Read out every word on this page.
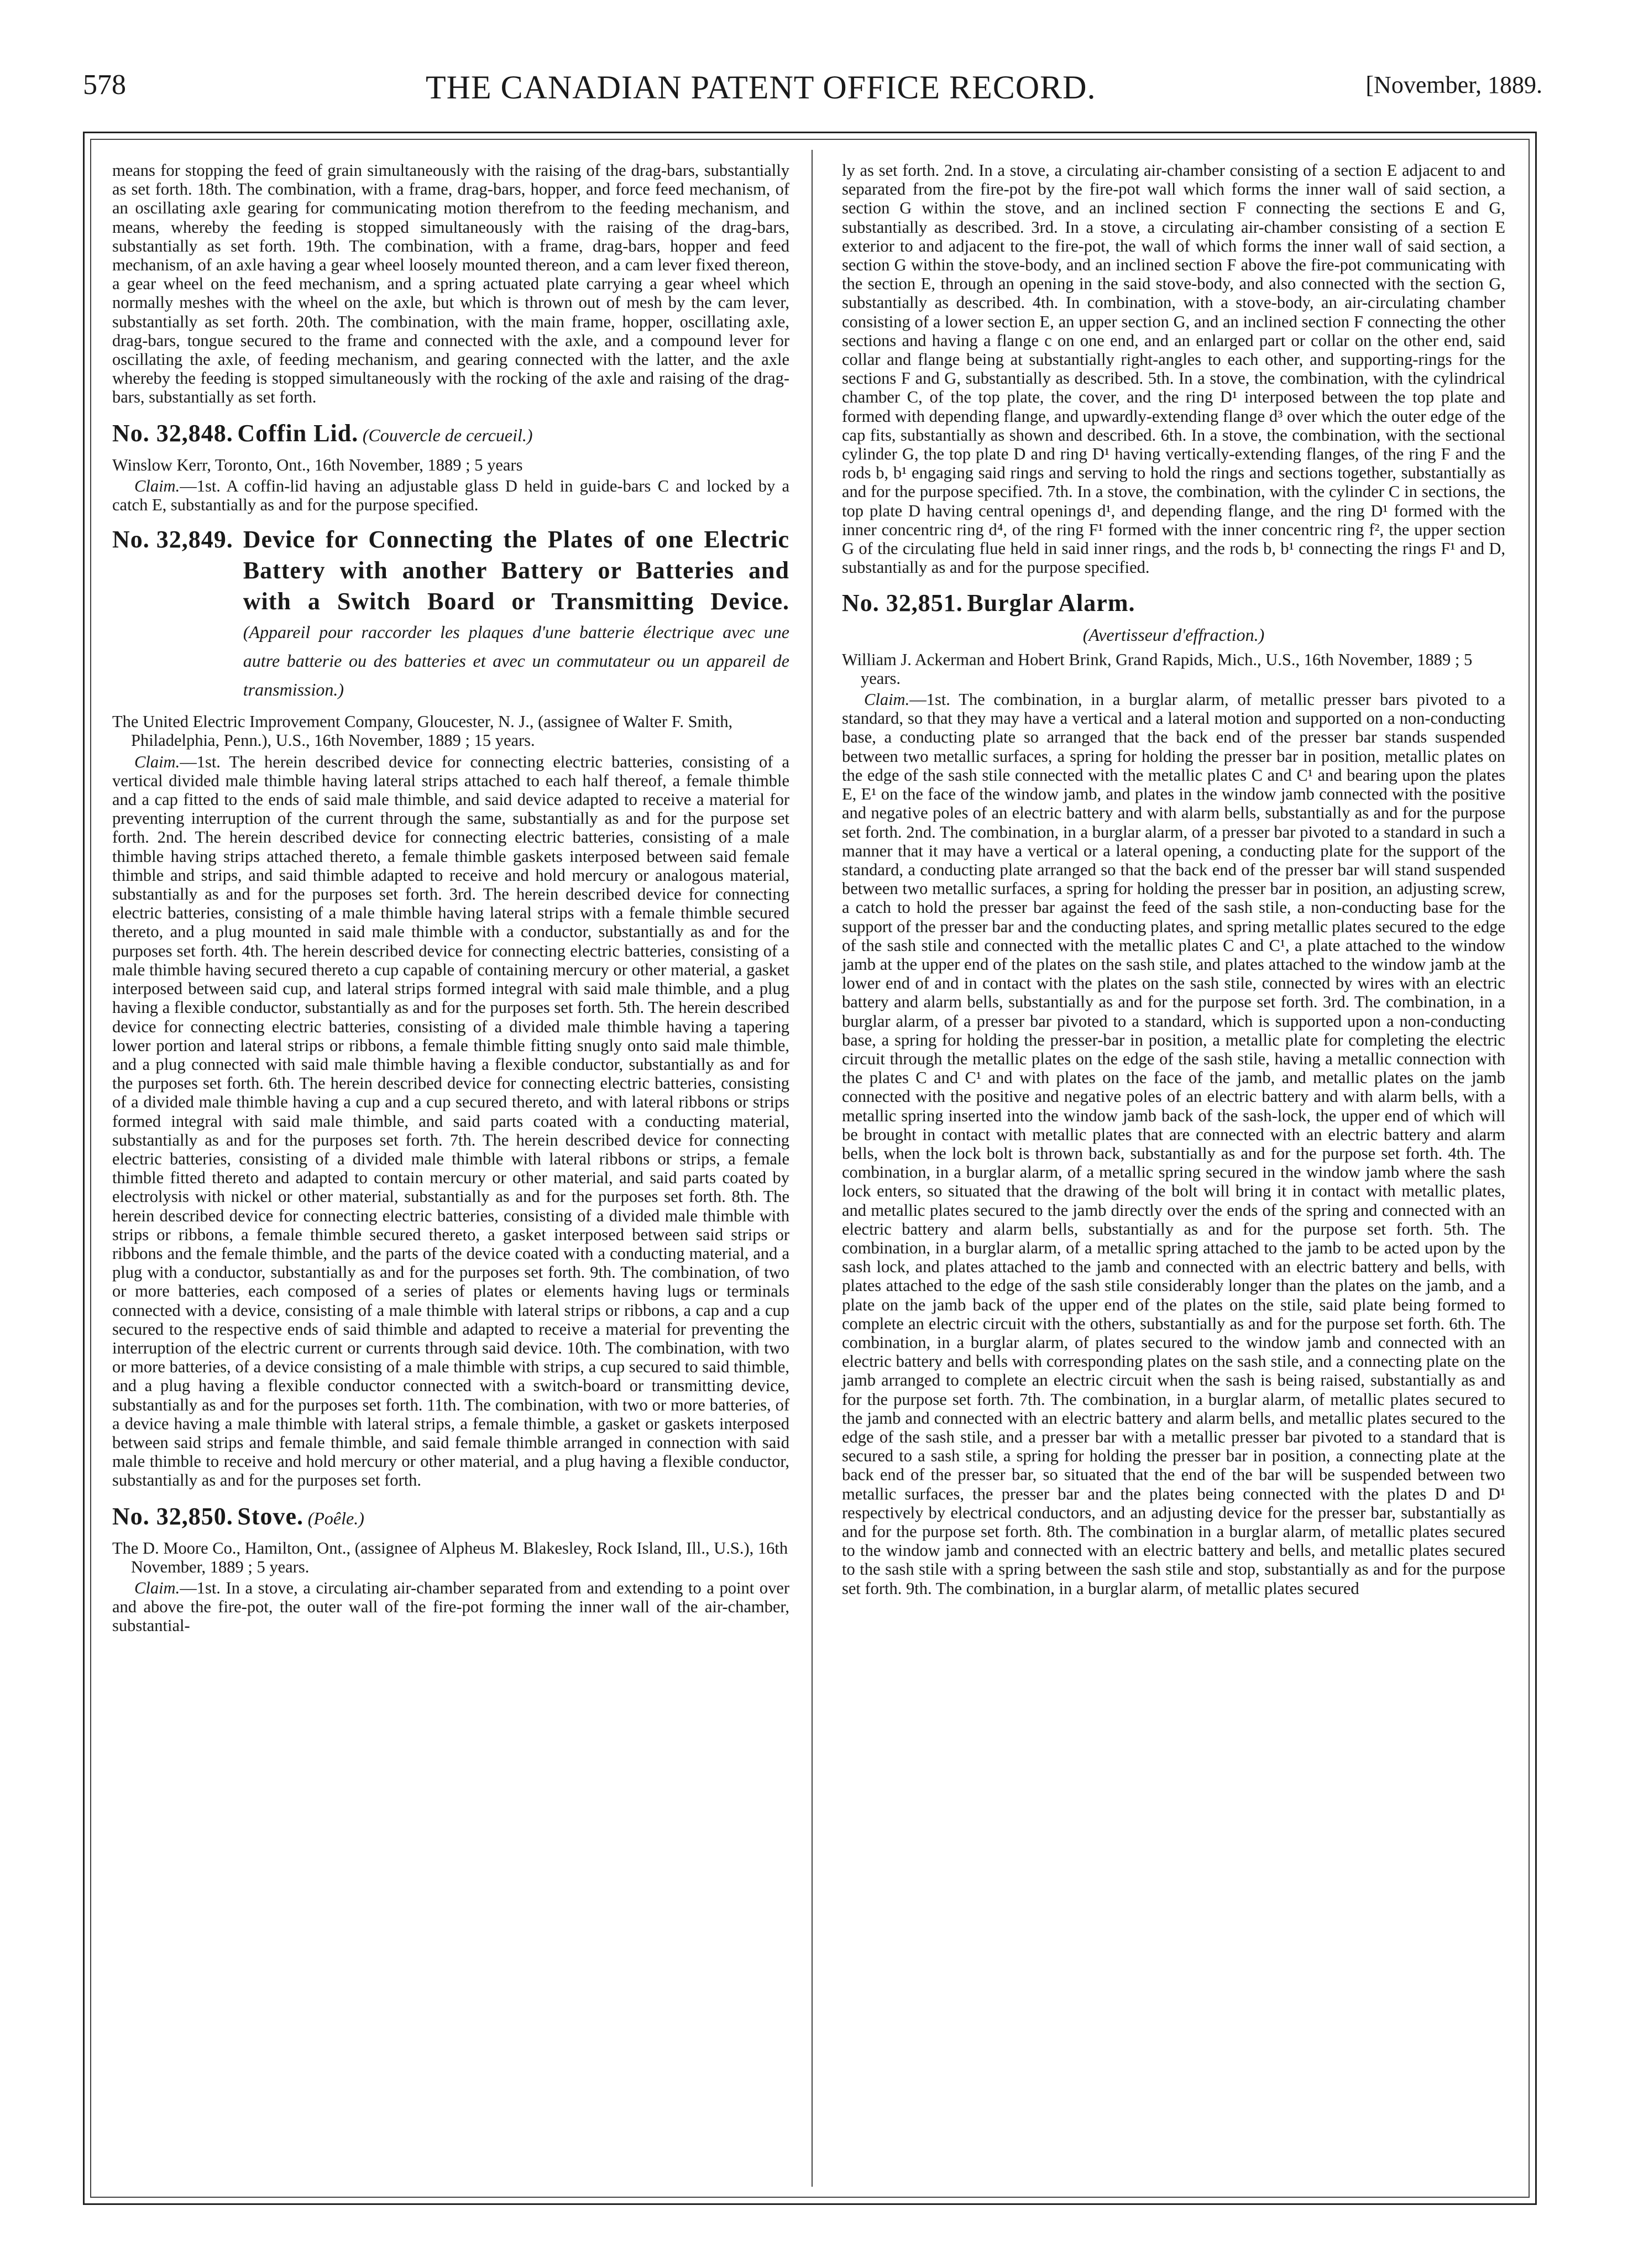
578	THE CANADIAN PATENT OFFICE RECORD.	[November, 1889.

means for stopping the feed of grain simultaneously with the raising of the drag-bars, substantially as set forth. 18th. The combination, with a frame, drag-bars, hopper, and force feed mechanism, of an oscillating axle gearing for communicating motion therefrom to the feeding mechanism, and means, whereby the feeding is stopped simultaneously with the raising of the drag-bars, substantially as set forth. 19th. The combination, with a frame, drag-bars, hopper and feed mechanism, of an axle having a gear wheel loosely mounted thereon, and a cam lever fixed thereon, a gear wheel on the feed mechanism, and a spring actuated plate carrying a gear wheel which normally meshes with the wheel on the axle, but which is thrown out of mesh by the cam lever, substantially as set forth. 20th. The combination, with the main frame, hopper, oscillating axle, drag-bars, tongue secured to the frame and connected with the axle, and a compound lever for oscillating the axle, of feeding mechanism, and gearing connected with the latter, and the axle whereby the feeding is stopped simultaneously with the rocking of the axle and raising of the drag-bars, substantially as set forth.

No. 32,848. Coffin Lid. (Couvercle de cercueil.)

Winslow Kerr, Toronto, Ont., 16th November, 1889 ; 5 years

Claim.—1st. A coffin-lid having an adjustable glass D held in guide-bars C and locked by a catch E, substantially as and for the purpose specified.

No. 32,849. Device for Connecting the Plates of one Electric Battery with another Battery or Batteries and with a Switch Board or Transmitting Device. (Appareil pour raccorder les plaques d'une batterie électrique avec une autre batterie ou des batteries et avec un commutateur ou un appareil de transmission.)

The United Electric Improvement Company, Gloucester, N. J., (assignee of Walter F. Smith, Philadelphia, Penn.), U.S., 16th November, 1889 ; 15 years.

Claim.—1st. The herein described device for connecting electric batteries, consisting of a vertical divided male thimble having lateral strips attached to each half thereof, a female thimble and a cap fitted to the ends of said male thimble, and said device adapted to receive a material for preventing interruption of the current through the same, substantially as and for the purpose set forth. 2nd. The herein described device for connecting electric batteries, consisting of a male thimble having strips attached thereto, a female thimble gaskets interposed between said female thimble and strips, and said thimble adapted to receive and hold mercury or analogous material, substantially as and for the purposes set forth. 3rd. The herein described device for connecting electric batteries, consisting of a male thimble having lateral strips with a female thimble secured thereto, and a plug mounted in said male thimble with a conductor, substantially as and for the purposes set forth. 4th. The herein described device for connecting electric batteries, consisting of a male thimble having secured thereto a cup capable of containing mercury or other material, a gasket interposed between said cup, and lateral strips formed integral with said male thimble, and a plug having a flexible conductor, substantially as and for the purposes set forth. 5th. The herein described device for connecting electric batteries, consisting of a divided male thimble having a tapering lower portion and lateral strips or ribbons, a female thimble fitting snugly onto said male thimble, and a plug connected with said male thimble having a flexible conductor, substantially as and for the purposes set forth. 6th. The herein described device for connecting electric batteries, consisting of a divided male thimble having a cup and a cup secured thereto, and with lateral ribbons or strips formed integral with said male thimble, and said parts coated with a conducting material, substantially as and for the purposes set forth. 7th. The herein described device for connecting electric batteries, consisting of a divided male thimble with lateral ribbons or strips, a female thimble fitted thereto and adapted to contain mercury or other material, and said parts coated by electrolysis with nickel or other material, substantially as and for the purposes set forth. 8th. The herein described device for connecting electric batteries, consisting of a divided male thimble with strips or ribbons, a female thimble secured thereto, a gasket interposed between said strips or ribbons and the female thimble, and the parts of the device coated with a conducting material, and a plug with a conductor, substantially as and for the purposes set forth. 9th. The combination, of two or more batteries, each composed of a series of plates or elements having lugs or terminals connected with a device, consisting of a male thimble with lateral strips or ribbons, a cap and a cup secured to the respective ends of said thimble and adapted to receive a material for preventing the interruption of the electric current or currents through said device. 10th. The combination, with two or more batteries, of a device consisting of a male thimble with strips, a cup secured to said thimble, and a plug having a flexible conductor connected with a switch-board or transmitting device, substantially as and for the purposes set forth. 11th. The combination, with two or more batteries, of a device having a male thimble with lateral strips, a female thimble, a gasket or gaskets interposed between said strips and female thimble, and said female thimble arranged in connection with said male thimble to receive and hold mercury or other material, and a plug having a flexible conductor, substantially as and for the purposes set forth.

No. 32,850. Stove. (Poêle.)

The D. Moore Co., Hamilton, Ont., (assignee of Alpheus M. Blakesley, Rock Island, Ill., U.S.), 16th November, 1889 ; 5 years.

Claim.—1st. In a stove, a circulating air-chamber separated from and extending to a point over and above the fire-pot, the outer wall of the fire-pot forming the inner wall of the air-chamber, substantial-

ly as set forth. 2nd. In a stove, a circulating air-chamber consisting of a section E adjacent to and separated from the fire-pot by the fire-pot wall which forms the inner wall of said section, a section G within the stove, and an inclined section F connecting the sections E and G, substantially as described. 3rd. In a stove, a circulating air-chamber consisting of a section E exterior to and adjacent to the fire-pot, the wall of which forms the inner wall of said section, a section G within the stove-body, and an inclined section F above the fire-pot communicating with the section E, through an opening in the said stove-body, and also connected with the section G, substantially as described. 4th. In combination, with a stove-body, an air-circulating chamber consisting of a lower section E, an upper section G, and an inclined section F connecting the other sections and having a flange c on one end, and an enlarged part or collar on the other end, said collar and flange being at substantially right-angles to each other, and supporting-rings for the sections F and G, substantially as described. 5th. In a stove, the combination, with the cylindrical chamber C, of the top plate, the cover, and the ring D¹ interposed between the top plate and formed with depending flange, and upwardly-extending flange d³ over which the outer edge of the cap fits, substantially as shown and described. 6th. In a stove, the combination, with the sectional cylinder G, the top plate D and ring D¹ having vertically-extending flanges, of the ring F and the rods b, b¹ engaging said rings and serving to hold the rings and sections together, substantially as and for the purpose specified. 7th. In a stove, the combination, with the cylinder C in sections, the top plate D having central openings d¹, and depending flange, and the ring D¹ formed with the inner concentric ring d⁴, of the ring F¹ formed with the inner concentric ring f², the upper section G of the circulating flue held in said inner rings, and the rods b, b¹ connecting the rings F¹ and D, substantially as and for the purpose specified.

No. 32,851. Burglar Alarm.

(Avertisseur d'effraction.)

William J. Ackerman and Hobert Brink, Grand Rapids, Mich., U.S., 16th November, 1889 ; 5 years.

Claim.—1st. The combination, in a burglar alarm, of metallic presser bars pivoted to a standard, so that they may have a vertical and a lateral motion and supported on a non-conducting base, a conducting plate so arranged that the back end of the presser bar stands suspended between two metallic surfaces, a spring for holding the presser bar in position, metallic plates on the edge of the sash stile connected with the metallic plates C and C¹ and bearing upon the plates E, E¹ on the face of the window jamb, and plates in the window jamb connected with the positive and negative poles of an electric battery and with alarm bells, substantially as and for the purpose set forth. 2nd. The combination, in a burglar alarm, of a presser bar pivoted to a standard in such a manner that it may have a vertical or a lateral opening, a conducting plate for the support of the standard, a conducting plate arranged so that the back end of the presser bar will stand suspended between two metallic surfaces, a spring for holding the presser bar in position, an adjusting screw, a catch to hold the presser bar against the feed of the sash stile, a non-conducting base for the support of the presser bar and the conducting plates, and spring metallic plates secured to the edge of the sash stile and connected with the metallic plates C and C¹, a plate attached to the window jamb at the upper end of the plates on the sash stile, and plates attached to the window jamb at the lower end of and in contact with the plates on the sash stile, connected by wires with an electric battery and alarm bells, substantially as and for the purpose set forth. 3rd. The combination, in a burglar alarm, of a presser bar pivoted to a standard, which is supported upon a non-conducting base, a spring for holding the presser-bar in position, a metallic plate for completing the electric circuit through the metallic plates on the edge of the sash stile, having a metallic connection with the plates C and C¹ and with plates on the face of the jamb, and metallic plates on the jamb connected with the positive and negative poles of an electric battery and with alarm bells, with a metallic spring inserted into the window jamb back of the sash-lock, the upper end of which will be brought in contact with metallic plates that are connected with an electric battery and alarm bells, when the lock bolt is thrown back, substantially as and for the purpose set forth. 4th. The combination, in a burglar alarm, of a metallic spring secured in the window jamb where the sash lock enters, so situated that the drawing of the bolt will bring it in contact with metallic plates, and metallic plates secured to the jamb directly over the ends of the spring and connected with an electric battery and alarm bells, substantially as and for the purpose set forth. 5th. The combination, in a burglar alarm, of a metallic spring attached to the jamb to be acted upon by the sash lock, and plates attached to the jamb and connected with an electric battery and bells, with plates attached to the edge of the sash stile considerably longer than the plates on the jamb, and a plate on the jamb back of the upper end of the plates on the stile, said plate being formed to complete an electric circuit with the others, substantially as and for the purpose set forth. 6th. The combination, in a burglar alarm, of plates secured to the window jamb and connected with an electric battery and bells with corresponding plates on the sash stile, and a connecting plate on the jamb arranged to complete an electric circuit when the sash is being raised, substantially as and for the purpose set forth. 7th. The combination, in a burglar alarm, of metallic plates secured to the jamb and connected with an electric battery and alarm bells, and metallic plates secured to the edge of the sash stile, and a presser bar with a metallic presser bar pivoted to a standard that is secured to a sash stile, a spring for holding the presser bar in position, a connecting plate at the back end of the presser bar, so situated that the end of the bar will be suspended between two metallic surfaces, the presser bar and the plates being connected with the plates D and D¹ respectively by electrical conductors, and an adjusting device for the presser bar, substantially as and for the purpose set forth. 8th. The combination in a burglar alarm, of metallic plates secured to the window jamb and connected with an electric battery and bells, and metallic plates secured to the sash stile with a spring between the sash stile and stop, substantially as and for the purpose set forth. 9th. The combination, in a burglar alarm, of metallic plates secured
